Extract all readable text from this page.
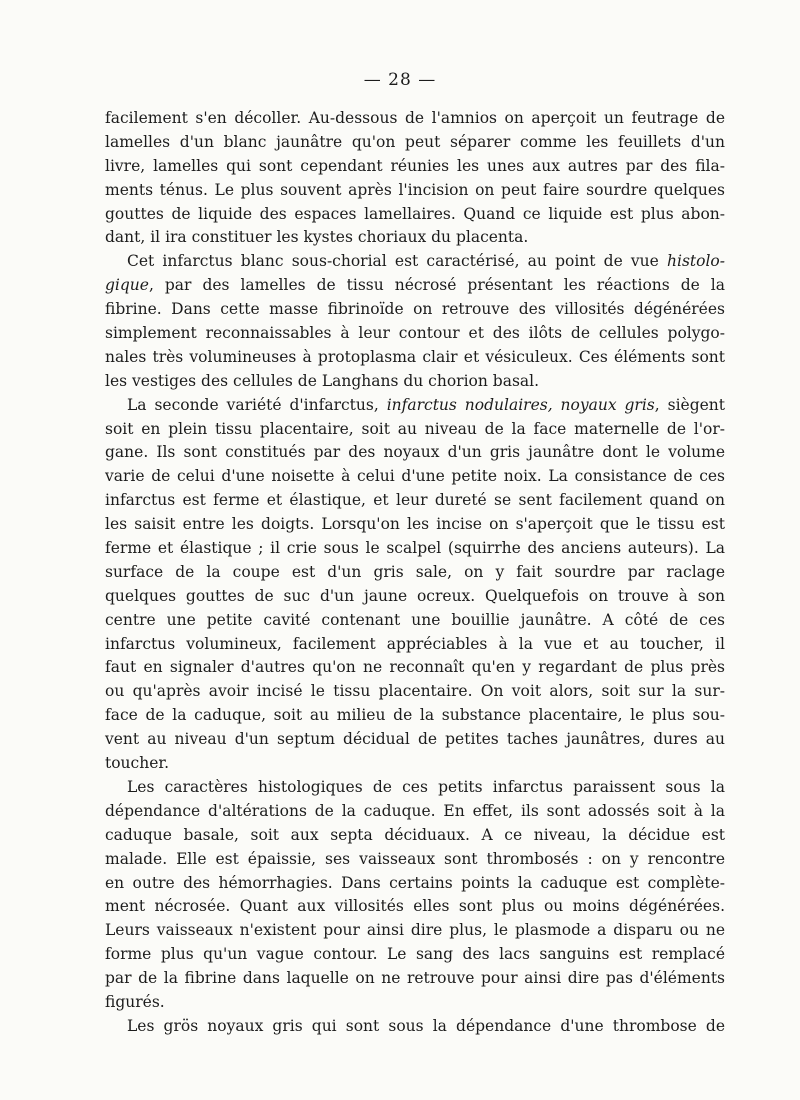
— 28 —
facilement s'en décoller. Au-dessous de l'amnios on aperçoit un feutrage de
lamelles d'un blanc jaunâtre qu'on peut séparer comme les feuillets d'un
livre, lamelles qui sont cependant réunies les unes aux autres par des fila-
ments ténus. Le plus souvent après l'incision on peut faire sourdre quelques
gouttes de liquide des espaces lamellaires. Quand ce liquide est plus abon-
dant, il ira constituer les kystes choriaux du placenta.
Cet infarctus blanc sous-chorial est caractérisé, au point de vue histolo-
gique, par des lamelles de tissu nécrosé présentant les réactions de la
fibrine. Dans cette masse fibrinoïde on retrouve des villosités dégénérées
simplement reconnaissables à leur contour et des ilôts de cellules polygo-
nales très volumineuses à protoplasma clair et vésiculeux. Ces éléments sont
les vestiges des cellules de Langhans du chorion basal.
La seconde variété d'infarctus, infarctus nodulaires, noyaux gris, siègent
soit en plein tissu placentaire, soit au niveau de la face maternelle de l'or-
gane. Ils sont constitués par des noyaux d'un gris jaunâtre dont le volume
varie de celui d'une noisette à celui d'une petite noix. La consistance de ces
infarctus est ferme et élastique, et leur dureté se sent facilement quand on
les saisit entre les doigts. Lorsqu'on les incise on s'aperçoit que le tissu est
ferme et élastique ; il crie sous le scalpel (squirrhe des anciens auteurs). La
surface de la coupe est d'un gris sale, on y fait sourdre par raclage
quelques gouttes de suc d'un jaune ocreux. Quelquefois on trouve à son
centre une petite cavité contenant une bouillie jaunâtre. A côté de ces
infarctus volumineux, facilement appréciables à la vue et au toucher, il
faut en signaler d'autres qu'on ne reconnaît qu'en y regardant de plus près
ou qu'après avoir incisé le tissu placentaire. On voit alors, soit sur la sur-
face de la caduque, soit au milieu de la substance placentaire, le plus sou-
vent au niveau d'un septum décidual de petites taches jaunâtres, dures au
toucher.
Les caractères histologiques de ces petits infarctus paraissent sous la
dépendance d'altérations de la caduque. En effet, ils sont adossés soit à la
caduque basale, soit aux septa déciduaux. A ce niveau, la décidue est
malade. Elle est épaissie, ses vaisseaux sont thrombosés : on y rencontre
en outre des hémorrhagies. Dans certains points la caduque est complète-
ment nécrosée. Quant aux villosités elles sont plus ou moins dégénérées.
Leurs vaisseaux n'existent pour ainsi dire plus, le plasmode a disparu ou ne
forme plus qu'un vague contour. Le sang des lacs sanguins est remplacé
par de la fibrine dans laquelle on ne retrouve pour ainsi dire pas d'éléments
figurés.
Les grös noyaux gris qui sont sous la dépendance d'une thrombose de
